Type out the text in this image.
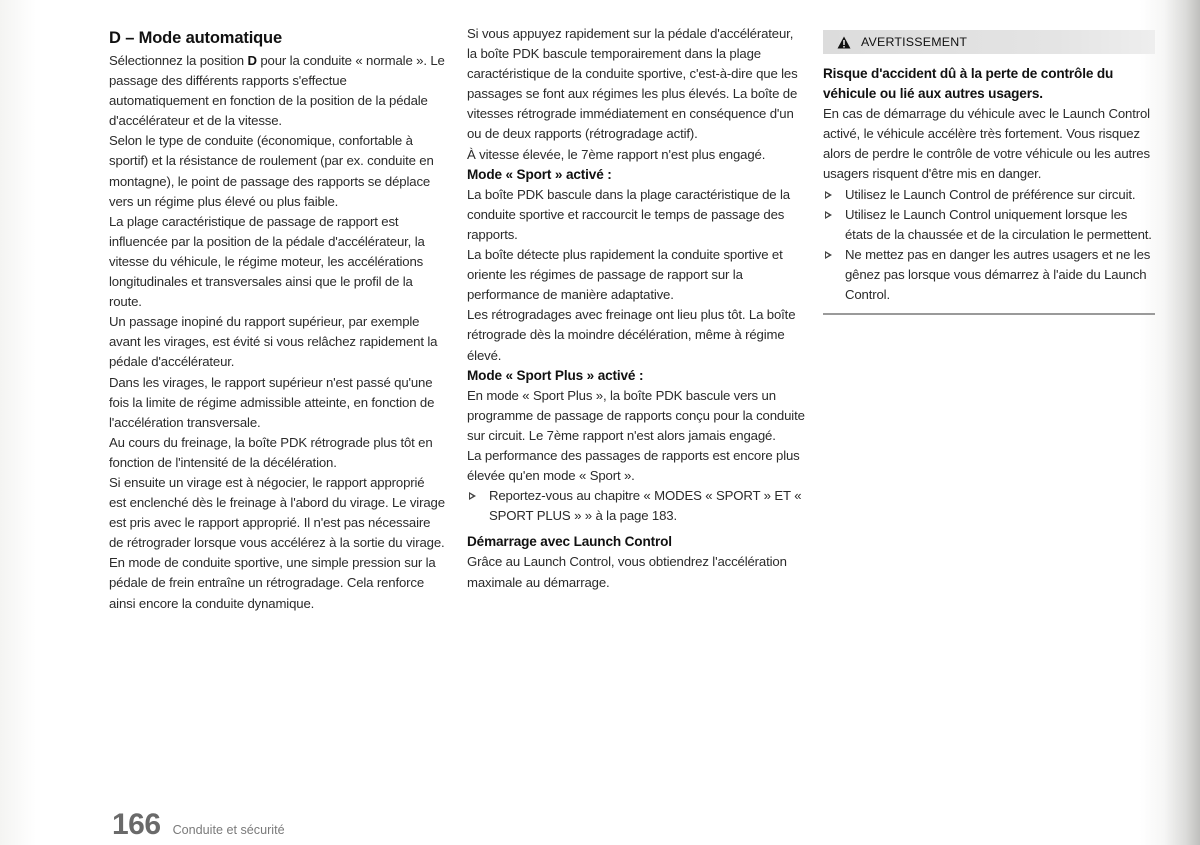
D – Mode automatique

Sélectionnez la position D pour la conduite « normale ». Le passage des différents rapports s'effectue automatiquement en fonction de la position de la pédale d'accélérateur et de la vitesse.

Selon le type de conduite (économique, confortable à sportif) et la résistance de roulement (par ex. conduite en montagne), le point de passage des rapports se déplace vers un régime plus élevé ou plus faible.

La plage caractéristique de passage de rapport est influencée par la position de la pédale d'accélérateur, la vitesse du véhicule, le régime moteur, les accélérations longitudinales et transversales ainsi que le profil de la route.

Un passage inopiné du rapport supérieur, par exemple avant les virages, est évité si vous relâchez rapidement la pédale d'accélérateur.

Dans les virages, le rapport supérieur n'est passé qu'une fois la limite de régime admissible atteinte, en fonction de l'accélération transversale.

Au cours du freinage, la boîte PDK rétrograde plus tôt en fonction de l'intensité de la décélération.

Si ensuite un virage est à négocier, le rapport approprié est enclenché dès le freinage à l'abord du virage. Le virage est pris avec le rapport approprié. Il n'est pas nécessaire de rétrograder lorsque vous accélérez à la sortie du virage.

En mode de conduite sportive, une simple pression sur la pédale de frein entraîne un rétrogradage. Cela renforce ainsi encore la conduite dynamique.

Si vous appuyez rapidement sur la pédale d'accélérateur, la boîte PDK bascule temporairement dans la plage caractéristique de la conduite sportive, c'est-à-dire que les passages se font aux régimes les plus élevés. La boîte de vitesses rétrograde immédiatement en conséquence d'un ou de deux rapports (rétrogradage actif).

À vitesse élevée, le 7ème rapport n'est plus engagé.

Mode « Sport » activé :

La boîte PDK bascule dans la plage caractéristique de la conduite sportive et raccourcit le temps de passage des rapports.

La boîte détecte plus rapidement la conduite sportive et oriente les régimes de passage de rapport sur la performance de manière adaptative.

Les rétrogradages avec freinage ont lieu plus tôt. La boîte rétrograde dès la moindre décélération, même à régime élevé.

Mode « Sport Plus » activé :

En mode « Sport Plus », la boîte PDK bascule vers un programme de passage de rapports conçu pour la conduite sur circuit. Le 7ème rapport n'est alors jamais engagé.

La performance des passages de rapports est encore plus élevée qu'en mode « Sport ».

Reportez-vous au chapitre « MODES « SPORT » ET « SPORT PLUS » » à la page 183.
Démarrage avec Launch Control

Grâce au Launch Control, vous obtiendrez l'accélération maximale au démarrage.

AVERTISSEMENT

Risque d'accident dû à la perte de contrôle du véhicule ou lié aux autres usagers.

En cas de démarrage du véhicule avec le Launch Control activé, le véhicule accélère très fortement. Vous risquez alors de perdre le contrôle de votre véhicule ou les autres usagers risquent d'être mis en danger.

Utilisez le Launch Control de préférence sur circuit.
Utilisez le Launch Control uniquement lorsque les états de la chaussée et de la circulation le permettent.
Ne mettez pas en danger les autres usagers et ne les gênez pas lorsque vous démarrez à l'aide du Launch Control.
166 Conduite et sécurité
